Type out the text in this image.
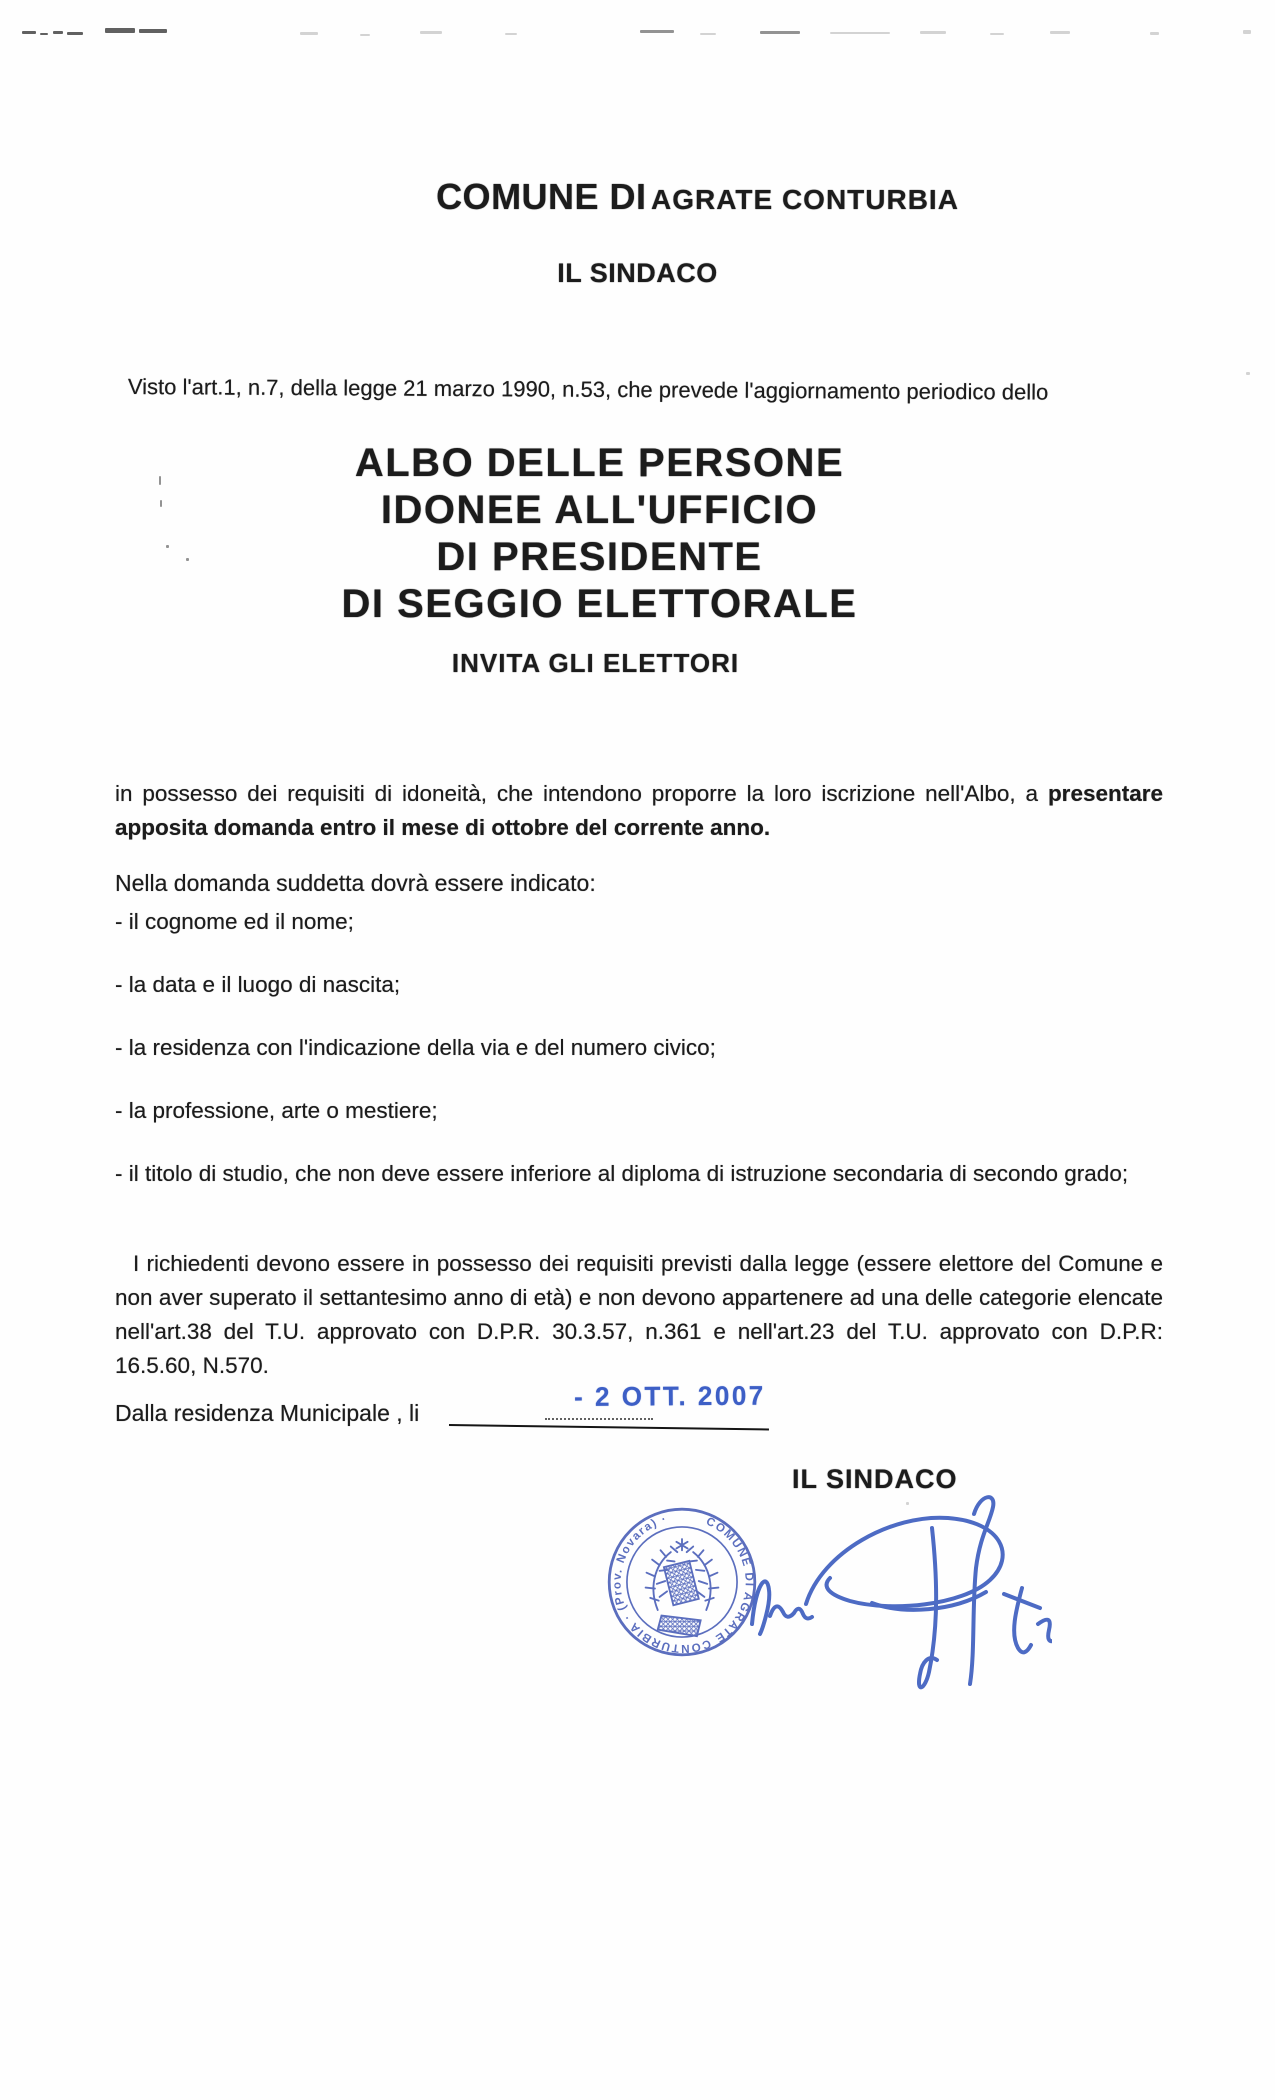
COMUNE DI AGRATE CONTURBIA
IL SINDACO
Visto l'art.1, n.7, della legge 21 marzo 1990, n.53, che prevede l'aggiornamento periodico dello
ALBO DELLE PERSONE
IDONEE ALL'UFFICIO
DI PRESIDENTE
DI SEGGIO ELETTORALE
INVITA GLI ELETTORI

in possesso dei requisiti di idoneità, che intendono proporre la loro iscrizione nell'Albo, a presentare apposita domanda entro il mese di ottobre del corrente anno.

Nella domanda suddetta dovrà essere indicato:

- il cognome ed il nome;
- la data e il luogo di nascita;
- la residenza con l'indicazione della via e del numero civico;
- la professione, arte o mestiere;
- il titolo di studio, che non deve essere inferiore al diploma di istruzione secondaria di secondo grado;

I richiedenti devono essere in possesso dei requisiti previsti dalla legge (essere elettore del Comune e non aver superato il settantesimo anno di età) e non devono appartenere ad una delle categorie elencate nell'art.38 del T.U. approvato con D.P.R. 30.3.57, n.361 e nell'art.23 del T.U. approvato con D.P.R: 16.5.60, N.570.

Dalla residenza Municipale , li
- 2 OTT. 2007
IL SINDACO
COMUNE DI AGRATE CONTURBIA · (Prov. Novara) ·
